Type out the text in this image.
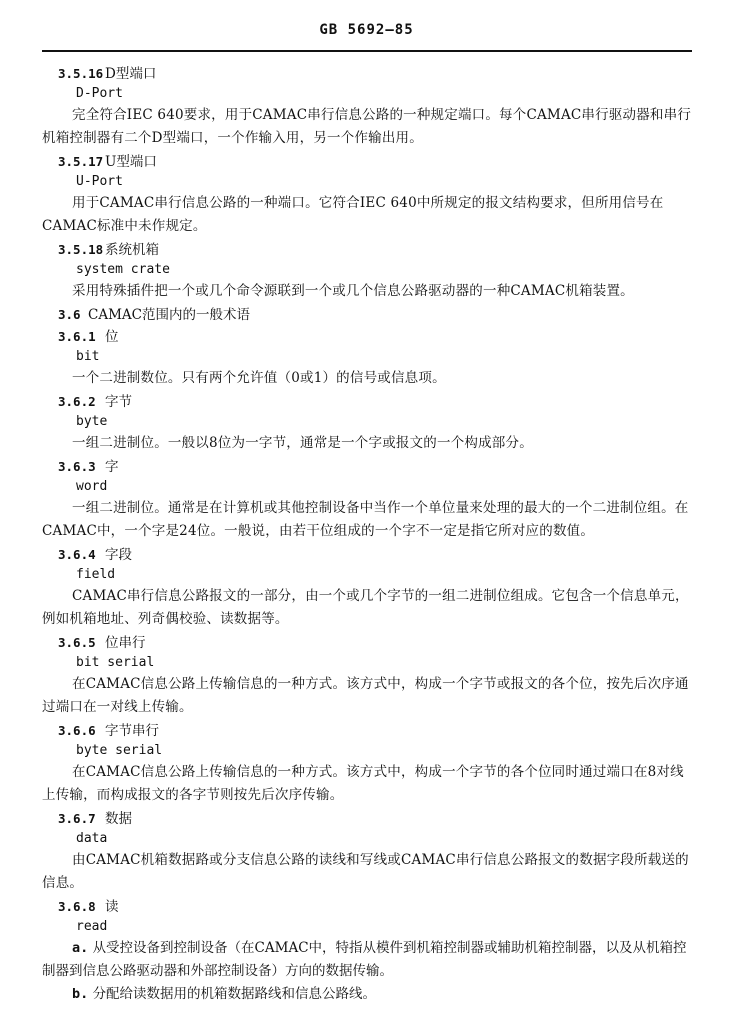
GB 5692—85
3.5.16 D型端口
D-Port
完全符合IEC 640要求，用于CAMAC串行信息公路的一种规定端口。每个CAMAC串行驱动器和串行机箱控制器有二个D型端口，一个作输入用，另一个作输出用。
3.5.17 U型端口
U-Port
用于CAMAC串行信息公路的一种端口。它符合IEC 640中所规定的报文结构要求，但所用信号在CAMAC标准中未作规定。
3.5.18 系统机箱
system crate
采用特殊插件把一个或几个命令源联到一个或几个信息公路驱动器的一种CAMAC机箱装置。
3.6 CAMAC范围内的一般术语
3.6.1 位
bit
一个二进制数位。只有两个允许值（0或1）的信号或信息项。
3.6.2 字节
byte
一组二进制位。一般以8位为一字节，通常是一个字或报文的一个构成部分。
3.6.3 字
word
一组二进制位。通常是在计算机或其他控制设备中当作一个单位量来处理的最大的一个二进制位组。在CAMAC中，一个字是24位。一般说，由若干位组成的一个字不一定是指它所对应的数值。
3.6.4 字段
field
CAMAC串行信息公路报文的一部分，由一个或几个字节的一组二进制位组成。它包含一个信息单元，例如机箱地址、列奇偶校验、读数据等。
3.6.5 位串行
bit serial
在CAMAC信息公路上传输信息的一种方式。该方式中，构成一个字节或报文的各个位，按先后次序通过端口在一对线上传输。
3.6.6 字节串行
byte serial
在CAMAC信息公路上传输信息的一种方式。该方式中，构成一个字节的各个位同时通过端口在8对线上传输，而构成报文的各字节则按先后次序传输。
3.6.7 数据
data
由CAMAC机箱数据路或分支信息公路的读线和写线或CAMAC串行信息公路报文的数据字段所载送的信息。
3.6.8 读
read
a. 从受控设备到控制设备（在CAMAC中，特指从模件到机箱控制器或辅助机箱控制器，以及从机箱控制器到信息公路驱动器和外部控制设备）方向的数据传输。
b. 分配给读数据用的机箱数据路线和信息公路线。
